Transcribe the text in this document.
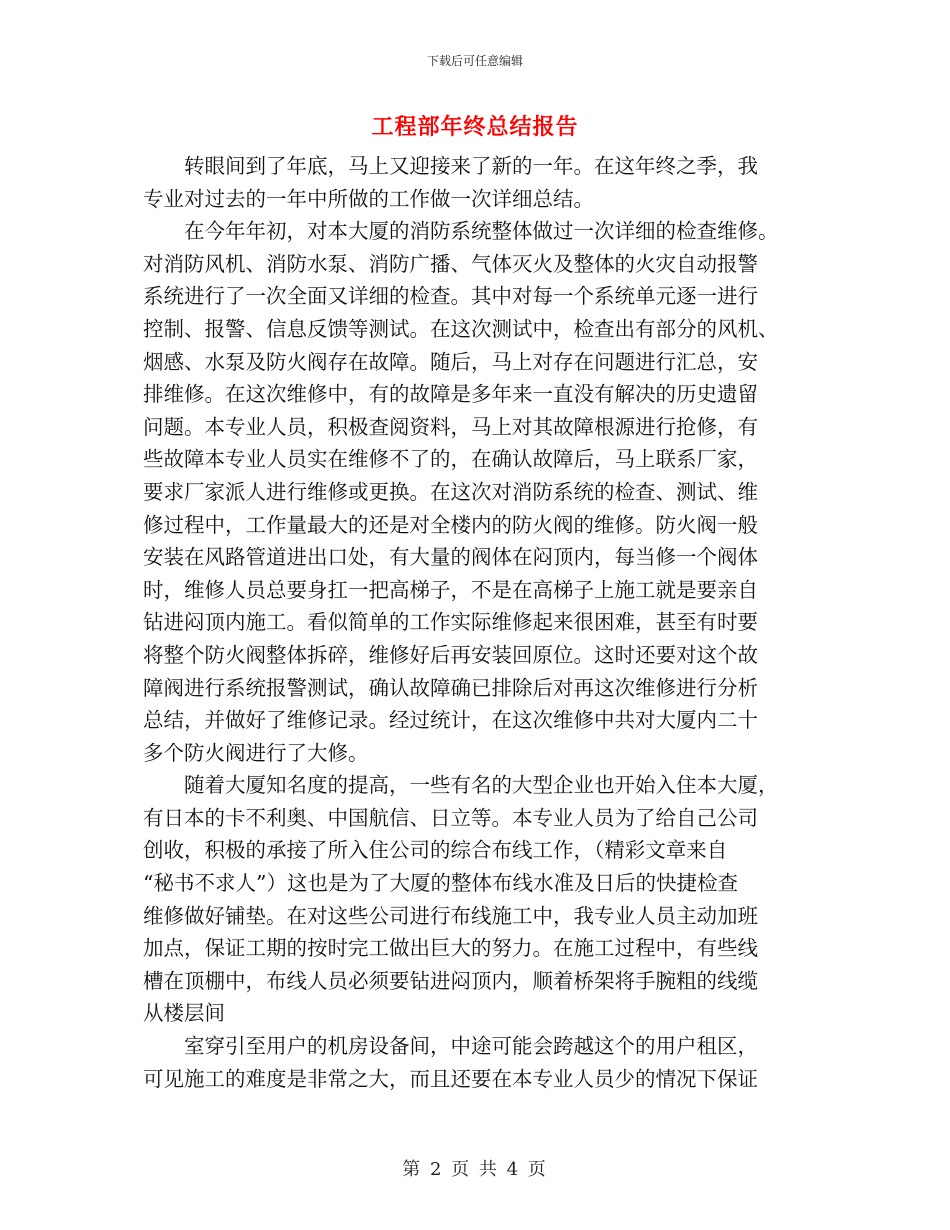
下载后可任意编辑
工程部年终总结报告

转眼间到了年底，马上又迎接来了新的一年。在这年终之季，我
专业对过去的一年中所做的工作做一次详细总结。

在今年年初，对本大厦的消防系统整体做过一次详细的检查维修。
对消防风机、消防水泵、消防广播、气体灭火及整体的火灾自动报警
系统进行了一次全面又详细的检查。其中对每一个系统单元逐一进行
控制、报警、信息反馈等测试。在这次测试中，检查出有部分的风机、
烟感、水泵及防火阀存在故障。随后，马上对存在问题进行汇总，安
排维修。在这次维修中，有的故障是多年来一直没有解决的历史遗留
问题。本专业人员，积极查阅资料，马上对其故障根源进行抢修，有
些故障本专业人员实在维修不了的，在确认故障后，马上联系厂家，
要求厂家派人进行维修或更换。在这次对消防系统的检查、测试、维
修过程中，工作量最大的还是对全楼内的防火阀的维修。防火阀一般
安装在风路管道进出口处，有大量的阀体在闷顶内，每当修一个阀体
时，维修人员总要身扛一把高梯子，不是在高梯子上施工就是要亲自
钻进闷顶内施工。看似简单的工作实际维修起来很困难，甚至有时要
将整个防火阀整体拆碎，维修好后再安装回原位。这时还要对这个故
障阀进行系统报警测试，确认故障确已排除后对再这次维修进行分析
总结，并做好了维修记录。经过统计，在这次维修中共对大厦内二十
多个防火阀进行了大修。

随着大厦知名度的提高，一些有名的大型企业也开始入住本大厦，
有日本的卡不利奥、中国航信、日立等。本专业人员为了给自己公司
创收，积极的承接了所入住公司的综合布线工作，（精彩文章来自
“秘书不求人”）这也是为了大厦的整体布线水准及日后的快捷检查
维修做好铺垫。在对这些公司进行布线施工中，我专业人员主动加班
加点，保证工期的按时完工做出巨大的努力。在施工过程中，有些线
槽在顶棚中，布线人员必须要钻进闷顶内，顺着桥架将手腕粗的线缆
从楼层间

室穿引至用户的机房设备间，中途可能会跨越这个的用户租区，
可见施工的难度是非常之大，而且还要在本专业人员少的情况下保证

第 2 页 共 4 页
